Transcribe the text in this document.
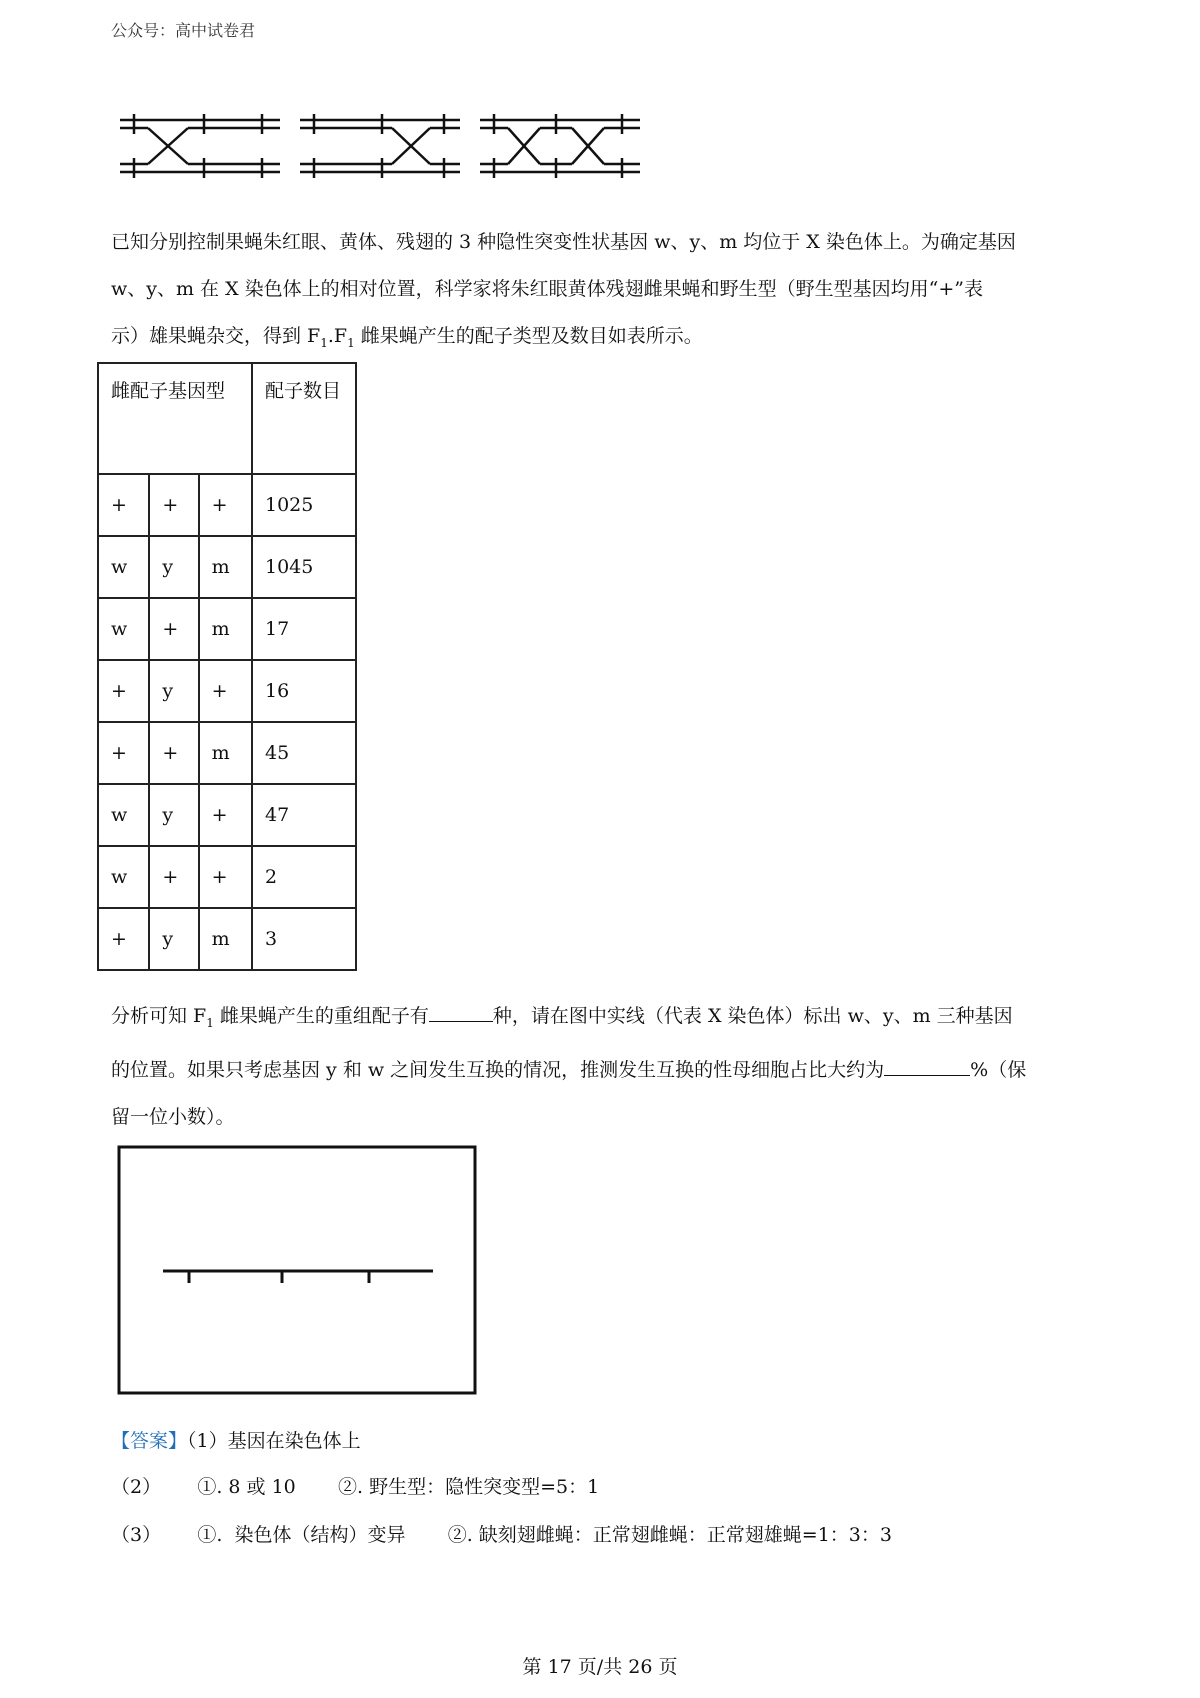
公众号：高中试卷君
已知分别控制果蝇朱红眼、黄体、残翅的 3 种隐性突变性状基因 w、y、m 均位于 X 染色体上。为确定基因
w、y、m 在 X 染色体上的相对位置，科学家将朱红眼黄体残翅雌果蝇和野生型（野生型基因均用“+”表
示）雄果蝇杂交，得到 $F_1.F_1$ 雌果蝇产生的配子类型及数目如表所示。
雌配子基因型			配子数目
+	+	+	1025
w	y	m	1045
w	+	m	17
+	y	+	16
+	+	m	45
w	y	+	47
w	+	+	2
+	y	m	3
分析可知 $F_1$ 雌果蝇产生的重组配子有	种，请在图中实线（代表 X 染色体）标出 w、y、m 三种基因
的位置。如果只考虑基因 y 和 w 之间发生互换的情况，推测发生互换的性母细胞占比大约为	%（保
留一位小数）。
【答案】（1）基因在染色体上
（2）      ①. 8 或 10       ②. 野生型：隐性突变型=5：1
（3）      ①.  染色体（结构）变异       ②. 缺刻翅雌蝇：正常翅雌蝇：正常翅雄蝇=1：3：3
第 17 页/共 26 页
